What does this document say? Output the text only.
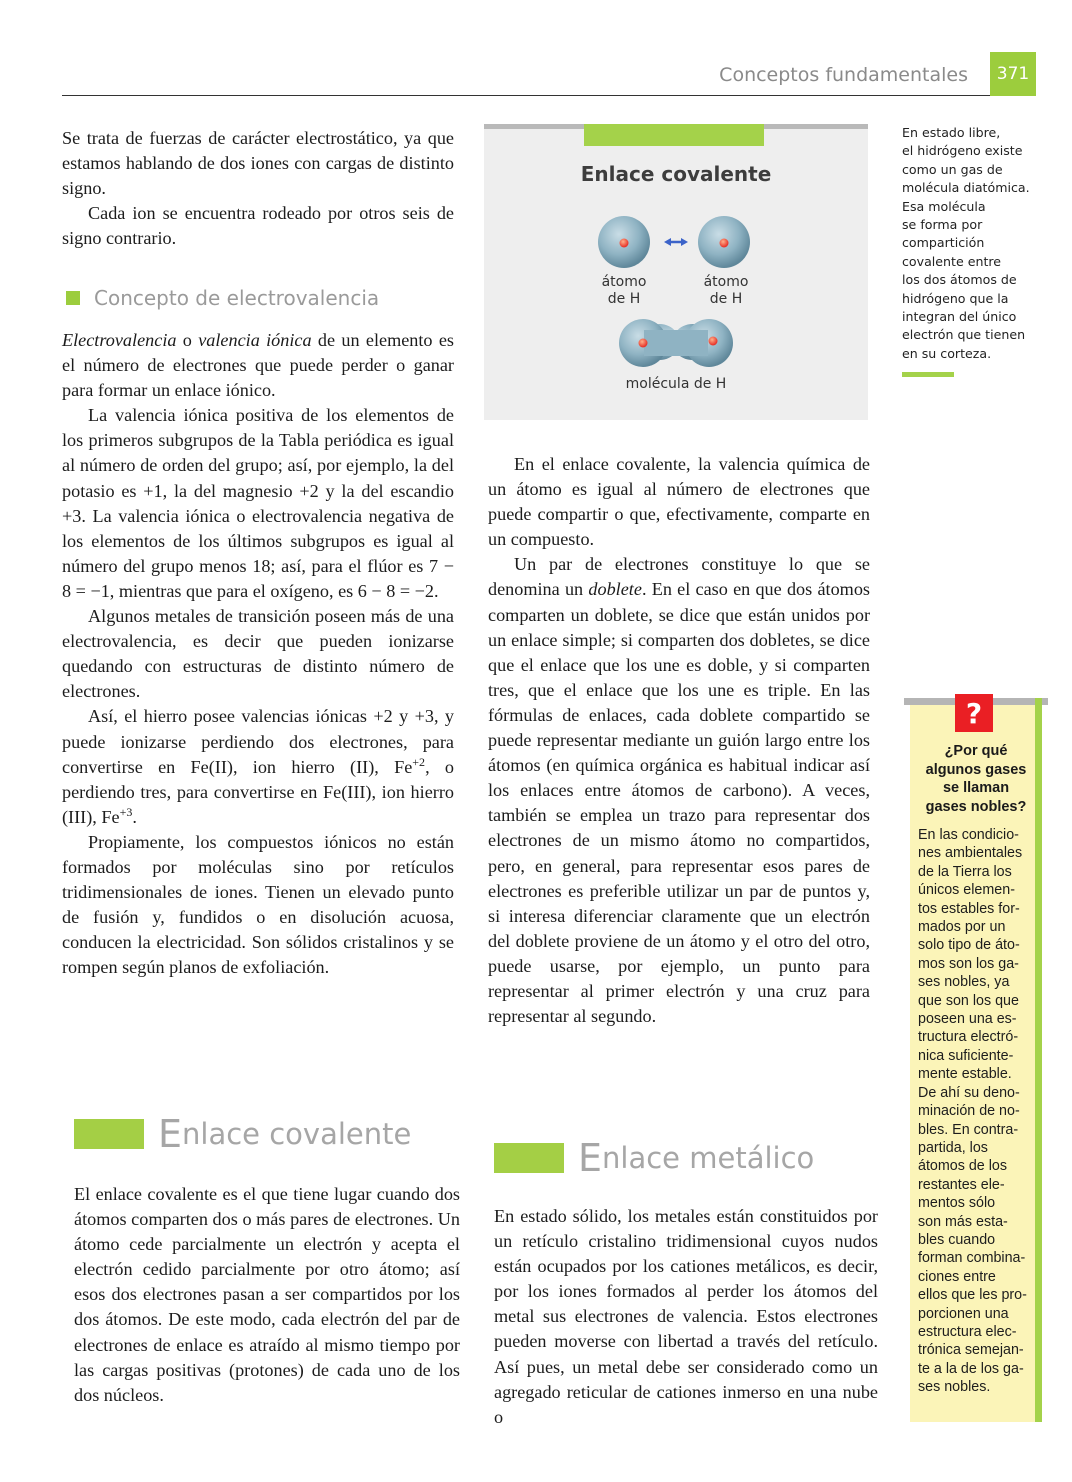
Conceptos fundamentales	371

Se trata de fuerzas de carácter electrostático, ya que estamos hablando de dos iones con cargas de distinto signo.

Cada ion se encuentra rodeado por otros seis de signo contrario.

Concepto de electrovalencia

Electrovalencia o valencia iónica de un elemento es el número de electrones que puede perder o ganar para formar un enlace iónico.

La valencia iónica positiva de los elementos de los primeros subgrupos de la Tabla periódica es igual al número de orden del grupo; así, por ejemplo, la del potasio es +1, la del magnesio +2 y la del escandio +3. La valencia iónica o electrovalencia negativa de los elementos de los últimos subgrupos es igual al número del grupo menos 18; así, para el flúor es 7 − 8 = −1, mientras que para el oxígeno, es 6 − 8 = −2.

Algunos metales de transición poseen más de una electrovalencia, es decir que pueden ionizarse quedando con estructuras de distinto número de electrones.

Así, el hierro posee valencias iónicas +2 y +3, y puede ionizarse perdiendo dos electrones, para convertirse en Fe(II), ion hierro (II), $Fe^{+2}$, o perdiendo tres, para convertirse en Fe(III), ion hierro (III), $Fe^{+3}$.

Propiamente, los compuestos iónicos no están formados por moléculas sino por retículos tridimensionales de iones. Tienen un elevado punto de fusión y, fundidos o en disolución acuosa, conducen la electricidad. Son sólidos cristalinos y se rompen según planos de exfoliación.

E nlace covalente

El enlace covalente es el que tiene lugar cuando dos átomos comparten dos o más pares de electrones. Un átomo cede parcialmente un electrón y acepta el electrón cedido parcialmente por otro átomo; así esos dos electrones pasan a ser compartidos por los dos átomos. De este modo, cada electrón del par de electrones de enlace es atraído al mismo tiempo por las cargas positivas (protones) de cada uno de los dos núcleos.

Enlace covalente
átomo
de H
átomo
de H
molécula de H

En el enlace covalente, la valencia química de un átomo es igual al número de electrones que puede compartir o que, efectivamente, comparte en un compuesto.

Un par de electrones constituye lo que se denomina un doblete. En el caso en que dos átomos comparten un doblete, se dice que están unidos por un enlace simple; si comparten dos dobletes, se dice que el enlace que los une es doble, y si comparten tres, que el enlace que los une es triple. En las fórmulas de enlaces, cada doblete compartido se puede representar mediante un guión largo entre los átomos (en química orgánica es habitual indicar así los enlaces entre átomos de carbono). A veces, también se emplea un trazo para representar dos electrones de un mismo átomo no compartidos, pero, en general, para representar esos pares de electrones es preferible utilizar un par de puntos y, si interesa diferenciar claramente que un electrón del doblete proviene de un átomo y el otro del otro, puede usarse, por ejemplo, un punto para representar al primer electrón y una cruz para representar al segundo.

E nlace metálico

En estado sólido, los metales están constituidos por un retículo cristalino tridimensional cuyos nudos están ocupados por los cationes metálicos, es decir, por los iones formados al perder los átomos del metal sus electrones de valencia. Estos electrones pueden moverse con libertad a través del retículo. Así pues, un metal debe ser considerado como un agregado reticular de cationes inmerso en una nube o

En estado libre,
el hidrógeno existe
como un gas de
molécula diatómica.
Esa molécula
se forma por
compartición
covalente entre
los dos átomos de
hidrógeno que la
integran del único
electrón que tienen
en su corteza.
?
¿Por qué
algunos gases
se llaman
gases nobles?
En las condicio-
nes ambientales
de la Tierra los
únicos elemen-
tos estables for-
mados por un
solo tipo de áto-
mos son los ga-
ses nobles, ya
que son los que
poseen una es-
tructura electró-
nica suficiente-
mente estable.
De ahí su deno-
minación de no-
bles. En contra-
partida, los
átomos de los
restantes ele-
mentos sólo
son más esta-
bles cuando
forman combina-
ciones entre
ellos que les pro-
porcionen una
estructura elec-
trónica semejan-
te a la de los ga-
ses nobles.
